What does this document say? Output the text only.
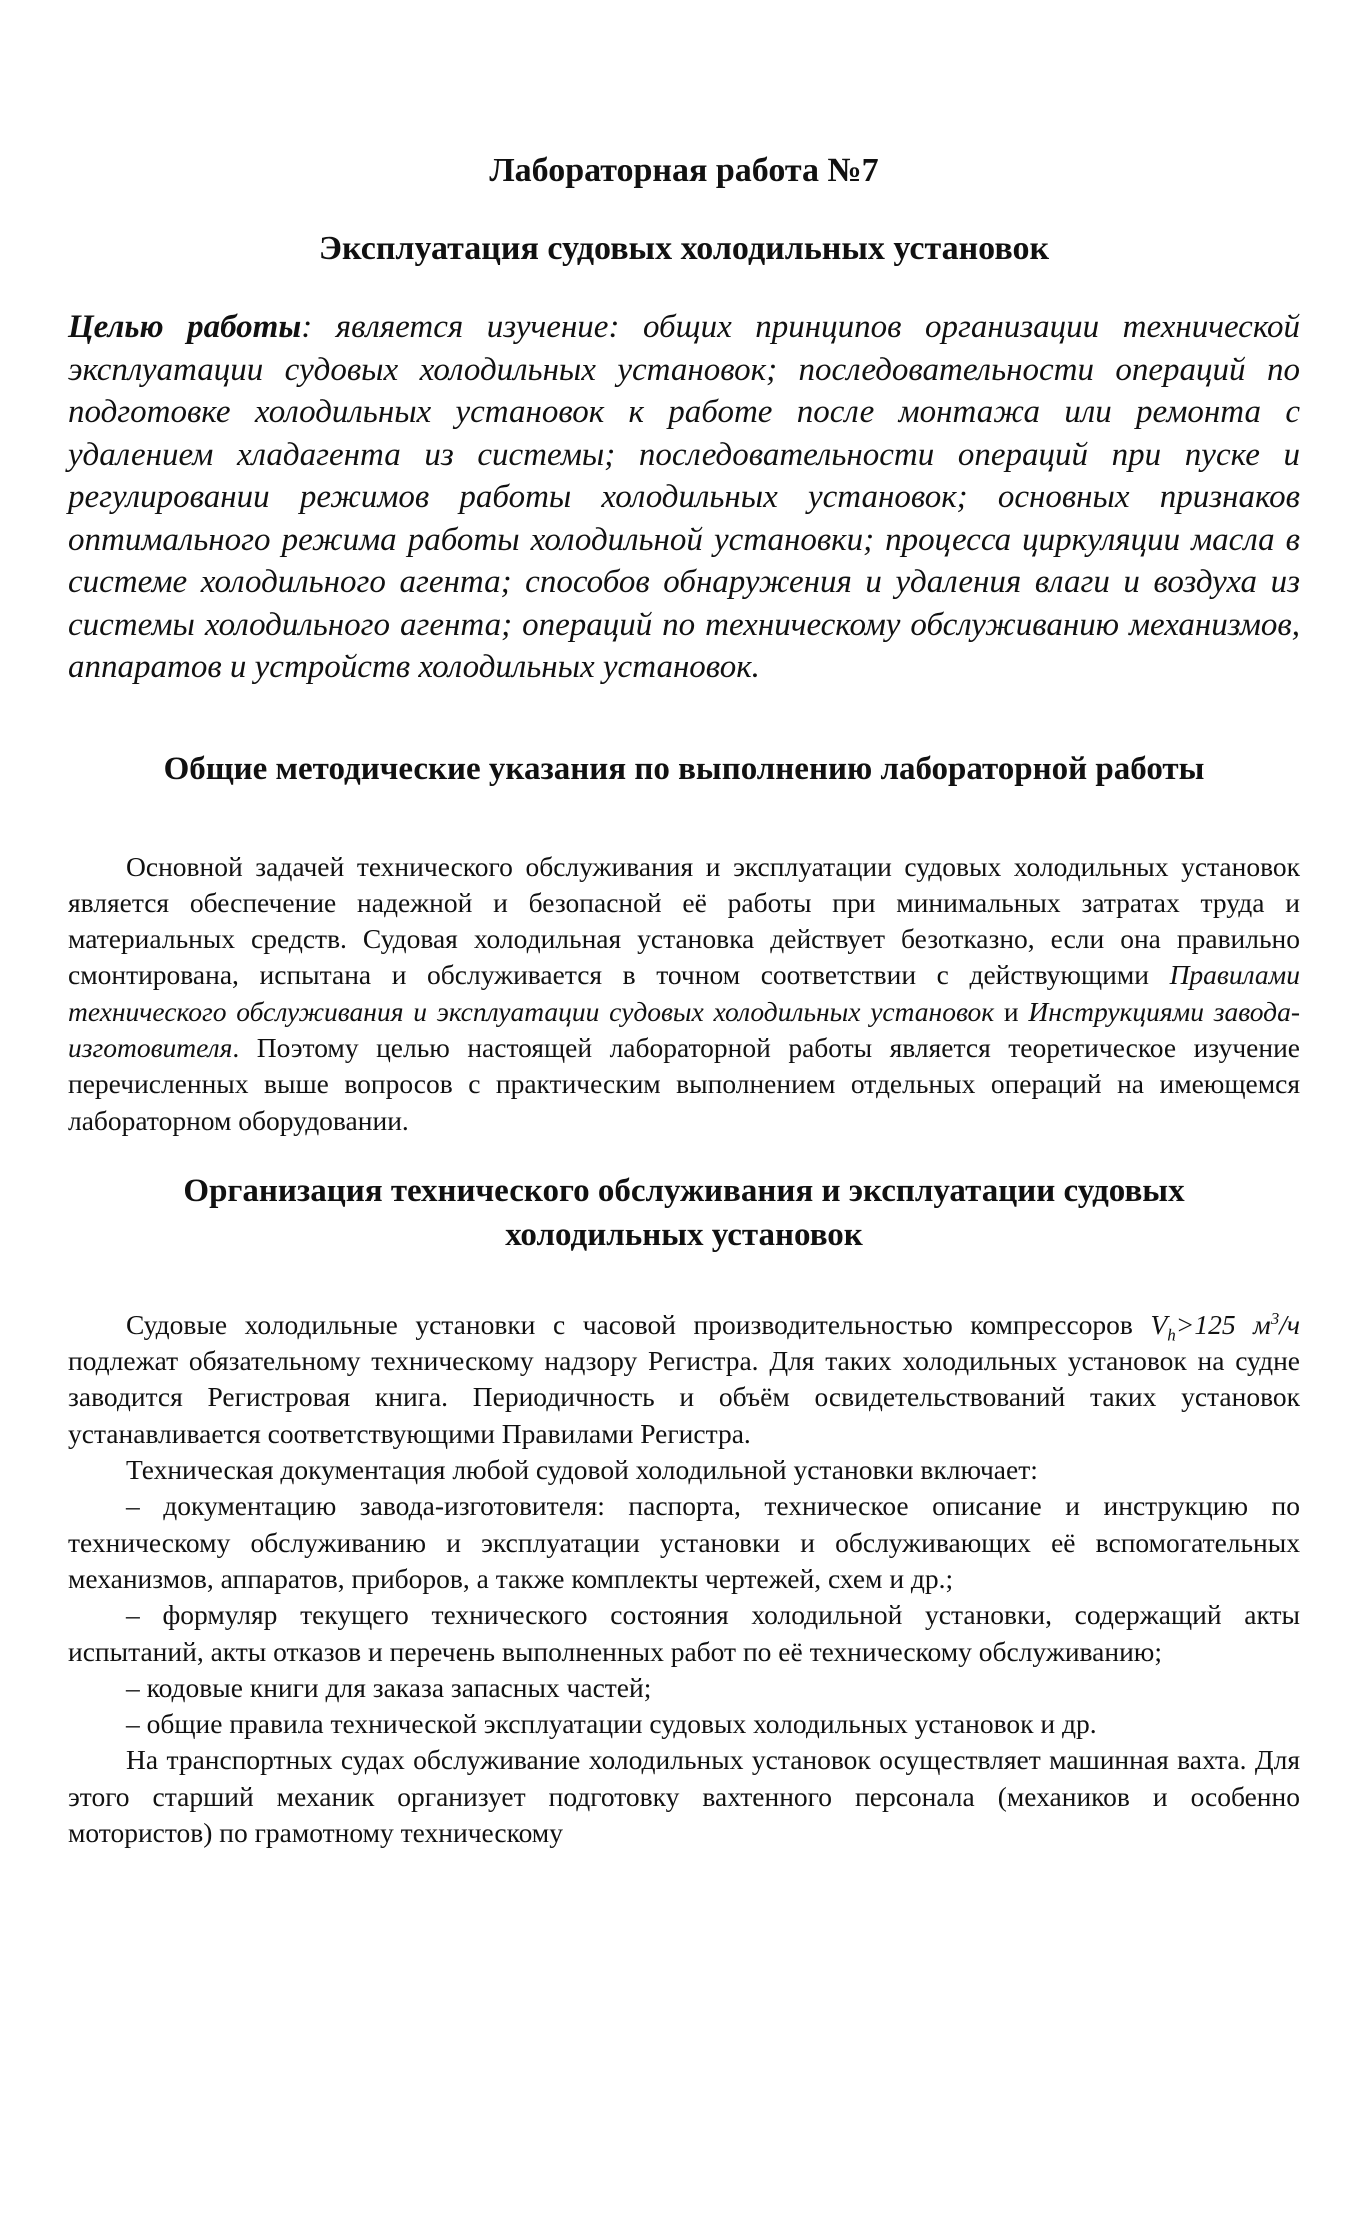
Лабораторная работа №7
Эксплуатация судовых холодильных установок

Целью работы: является изучение: общих принципов организации технической эксплуатации судовых холодильных установок; последовательности операций по подготовке холодильных установок к работе после монтажа или ремонта с удалением хладагента из системы; последовательности операций при пуске и регулировании режимов работы холодильных установок; основных признаков оптимального режима работы холодильной установки; процесса циркуляции масла в системе холодильного агента; способов обнаружения и удаления влаги и воздуха из системы холодильного агента; операций по техническому обслуживанию механизмов, аппаратов и устройств холодильных установок.

Общие методические указания по выполнению лабораторной работы

Основной задачей технического обслуживания и эксплуатации судовых холодильных установок является обеспечение надежной и безопасной её работы при минимальных затратах труда и материальных средств. Судовая холодильная установка действует безотказно, если она правильно смонтирована, испытана и обслуживается в точном соответствии с действующими Правилами технического обслуживания и эксплуатации судовых холодильных установок и Инструкциями завода-изготовителя. Поэтому целью настоящей лабораторной работы является теоретическое изучение перечисленных выше вопросов с практическим выполнением отдельных операций на имеющемся лабораторном оборудовании.

Организация технического обслуживания и эксплуатации судовых
холодильных установок

Судовые холодильные установки с часовой производительностью компрессоров $V_h>125$ $м^3/ч$ подлежат обязательному техническому надзору Регистра. Для таких холодильных установок на судне заводится Регистровая книга. Периодичность и объём освидетельствований таких установок устанавливается соответствующими Правилами Регистра.

Техническая документация любой судовой холодильной установки включает:

– документацию завода-изготовителя: паспорта, техническое описание и инструкцию по техническому обслуживанию и эксплуатации установки и обслуживающих её вспомогательных механизмов, аппаратов, приборов, а также комплекты чертежей, схем и др.;

– формуляр текущего технического состояния холодильной установки, содержащий акты испытаний, акты отказов и перечень выполненных работ по её техническому обслуживанию;

– кодовые книги для заказа запасных частей;

– общие правила технической эксплуатации судовых холодильных установок и др.

На транспортных судах обслуживание холодильных установок осуществляет машинная вахта. Для этого старший механик организует подготовку вахтенного персонала (механиков и особенно мотористов) по грамотному техническому
